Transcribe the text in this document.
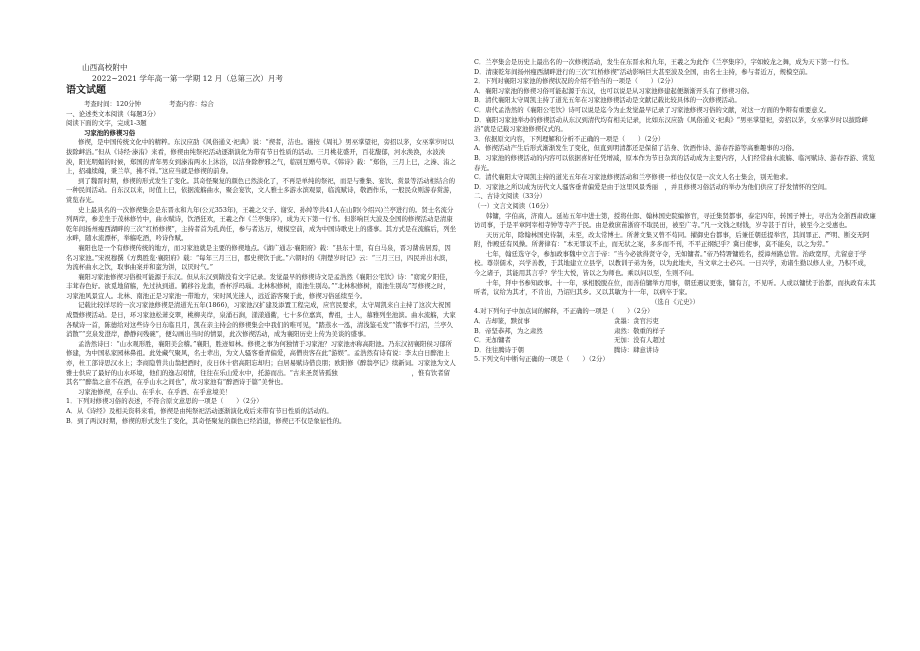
山西高校附中

2022~2021 学年高一第一学期 12 月（总第三次）月考

语文试题

考查时间：120分钟	考查内容：综合

一、论述类文本阅读（每题3分）

阅读下面的文字，完成1-3题

习家池的修禊习俗

修禊，是中国传统文化中的精粹。东汉应劭《风俗通义·祀典》说：“禊者，洁也。谨按《周礼》男巫掌望祀，旁招以茅，女巫掌岁时以拔除衅浴。”但从《诗经·溱洧》来看，修禊由纯祭祀活动逐渐演化为带有节日性质的活动。三月桃花盛开，百花馥郁，河水涣涣，水波泱泱，阳光明媚的时候，郑国的青年男女到溱洧两水上沐浴，以洁身除秽邪之气，临别互赠芍草。《韩诗》载：“郑俗，三月上巳，之溱、洧之上，招魂续魄，秉兰草，拂不祥。”这应当就是修禊的前身。

到了魏晋时期，修禊的形式发生了变化。其奇怪聚复的颜色已然淡化了，不再是单纯的祭祀，而是与雅集、宴饮、赏景等活动相结合的一种民间活动。自东汉以来，时值上巳，依据流觞曲水，聚会宴饮，文人雅士多游水滨观景，临流赋诗，敬酒作乐，一般民众则游春赏游，赏览春光。

史上最具名的一次修禊集会是东晋永和九年(公元353年)，王羲之父子、谢安、孙绰等共41人在山阴(今绍兴)兰亭进行的。贤士名流分列两岸，参差坐于茂林修竹中，曲水赋诗，饮酒狂欢，王羲之作《兰亭集序》，成为天下第一行书。但影响巨大波及全国的修禊活动是清康乾年间扬州瘦西湖畔的三次“红桥修禊”，主持者首为孔尚任，参与者达万，规模空前，成为中国诗歌史上的盛事。其方式是在流觞后，列坐水畔，随水流漂杯，举觞吃酒，吟诗作赋。

襄阳也是一个有修禊传统的地方，而习家池就是主要的修禊地点。《湖广通志·襄阳府》载：“县东十里，有白马泉，晋习凿齿居焉，因名习家池。”宋祝穆撰《方舆胜览·襄阳府》载：“每年三月三日，郡史禊饮于此。”六朝时的《荆楚岁时记》云：“三月三日，四民并出水滨，为流杯曲水之饮，取事曲案并和蛮为饼，以厌时气。”

襄阳习家池修禊习俗极可能源于东汉。但从东汉到隋没有文字记录。发觉最早的修禊诗文是孟浩然《襄阳公宅饮》诗：“窈窕夕阳佳，丰茸春色好。欲觅地留觞，先过执到道。鹤移谷龙翡，香杯浮玛瑙。北林积修树，南池生别岛。”“北林积修树，南池生别岛”写修禊之时，习家池风景宜人。北林、南池正是习家池一带地方，宋时风光迷人，远近游客聚于此，修禊习俗延续至今。

记载比较详尽的一次习家池修禊是清道光五年(1866)，习家池汉扩建及添置工程完成，应官民要求，太守周凯来自主持了这次大祝国成暨修禊活动。是日，环习家池松萧交翠，桃柳夹岸，泉涌石涧，漾漾通衢，七十多位嘉宾，曹祖，士人，慕雅列坐池滨。曲水流觞，大家各赋诗一首，陈德给对这些诗今日东临且月，凯在亲主持会的修禊集会中我们的唯可见，“踏蒸水一泓，清浅鉴毛发”“饿事不行沼，兰亭久消散”“烹泉发澄岸，静静问残碗”，便勾画出当时的情景，此次修禊活动，成为襄阳历史上传为美谈的盛事。

孟浩然诗曰：“山水观形胜，襄阳美会稽。”襄阳，胜迹如林。修禊之事为何独情于习家池？习家池亦称高阳池。乃东汉初襄阳侯习郁所修建，为中国私家园林鼻祖。此处藏气聚风，名士辈出，为文人骚客垂青偏爱，高僧贵客在此“游娱”。孟浩然有诗有说：李太白日醉池上亦，杜工部诗思汉水上；李商隐曾共山翁把酒时，皮日休十宿高阳忘却归；白居易赋诗借良朋；欧阳修《醉翁亭记》续新词。习家池为文人雅士供应了最好的山水环境，他们的逸志闲情，往往在乐山爱水中，托游而出。“古来圣贤皆孤独	，惟有饮者留其名”“醉翁之意不在酒，在乎山水之间也”，故习家池有“醉酒诗于篇”美誉也。

习家池修禊，在乎山、在乎水、在乎酒、在乎意境美！

1．下列对修禊习俗的表述，不符合原文意思的一项是（　　）（2分）

A．从《诗经》及相关资料来看，修禊是由纯祭祀活动逐渐演化成后来带有节日性质的活动的。

B．到了两汉时期，修禊的形式发生了变化，其奇怪聚复的颜色已经消退，修禊已不仅是象征性的。

C．兰亭集会是历史上最出名的一次修禊活动，发生在东晋永和九年，王羲之为此作《兰亭集序》，字如蛟龙之舞，成为天下第一行书。

D．清康乾年间扬州瘦西湖畔进行的三次“红桥修禊”活动影响巨大甚至波及全国，由名士主持，参与者近万，规模空前。

2．下列对襄阳习家池的修禊状况的介绍不恰当的一项是（　　）（2分）

A．襄阳习家池的修禊习俗可能起源于东汉，也可以说是从习家池修建起便渐渐开头有了修禊习俗。

B．清代襄阳太守周凯主持了道光五年在习家池修禊活动是文献记载比较具体的一次修禊活动。

C．唐代孟浩然的《襄阳公宅饮》诗可以说是迄今为止发觉最早记录了习家池修禊习俗的文献，对这一方面的争辩有重要意义。

D．襄阳习家池举办的修禊活动从东汉到清代均有相关记录，比如东汉应劭《风俗通义·祀典》“男巫掌望祀，旁招以茅，女巫掌岁时以拔除衅浴”就是记载习家池修禊仪式的。

3．依据原文内容，下列理解和分析不正确的一项是（　　）（2分）

A．修禊活动产生后形式渐渐发生了变化，但直到明清都还是保留了洁身、饮酒作诗、游春吞游等高雅趣事的习俗。

B．习家池的修禊活动的内容可以依据喜好任凭增减，原本作为节日杂宾的活动成为主要内容，人们经常曲水流觞、临河赋诗、游春吞游、赏览春光。

C．清代襄阳太守周凯主持的道光五年在习家池修禊活动和兰亭修禊一样也仅仅是一次文人名士集会，别无他求。

D．习家池之所以成为历代文人骚客垂青偏爱是由于这里风景秀丽　，并且修禊习俗活动的举办为他们供应了抒发情怀的空间。

二、古诗文阅读（33分）

（一）文言文阅读（16分）

韩镛，字伯高，济南人。延祐五年中进士第，授将仕郎、翰林国史院编修官，寻迁集贤都事，泰定四年，转国子博士，寻出为佥浙西肃政廉访司事，于是平章阿宰相寺钟等寺产于民。由是救庶苗浙府不取民田，被至广寺。”凡一文钱之财钱，岁寺甚于百计，被至今之受惠也。

天历元年，除翰林国史待制，未至，改太常博士。所著文集又曾不苟同。擢御史台都事，后兼任朝廷提举官，其间罪正、严明、断交无阿附，作殿廷有风操。所著律有：“本无罪议不止，而无状之案，多多而不刊，不平正纲纪乎？冀日使事，莫不能矣，以之为劳。”

七年，翰廷选守令，参加政事魏中立言于帝：“当今必欲得贤守令，无如镛者。”帝乃特署镛姓名，授漳州路总管。治政宽厚，尤留意于学校。尊崇儒术，兴学善教，于其地建立立县学，以教训子弟为务，以为此地夫，当文章之士必兴。一日兴学，劝诸生勤以修人业，乃积不成，今之诸子，其能用其言乎？学生大悦，皆以之为师也。乘以问以至，生则不问。

十年，拜中书参知政事。十一年，承相脱脱在位，而善伯镛举方用事，朝廷遇议更张，镛有言，不见听。人或以镛忧于治都，而执政有未其听者，议给为其才，不肯出，乃诏归其乡。又以其敏为十一年，以病卒于家。

（选自《元史》）

4.对下列句子中加点词的解释，不正确的一项是（　　）（2分）

A．吉却篆，黩贫事	贪墨：贪官污吏
B．帝坚恭邦，为之肃然	肃然：敬重的样子
C．无加镛者	无加：没有人超过
D．往往腾诗于朝	腾诗：肆意讲诗

5.下列文句中断句正确的一项是（　　）（2分）
